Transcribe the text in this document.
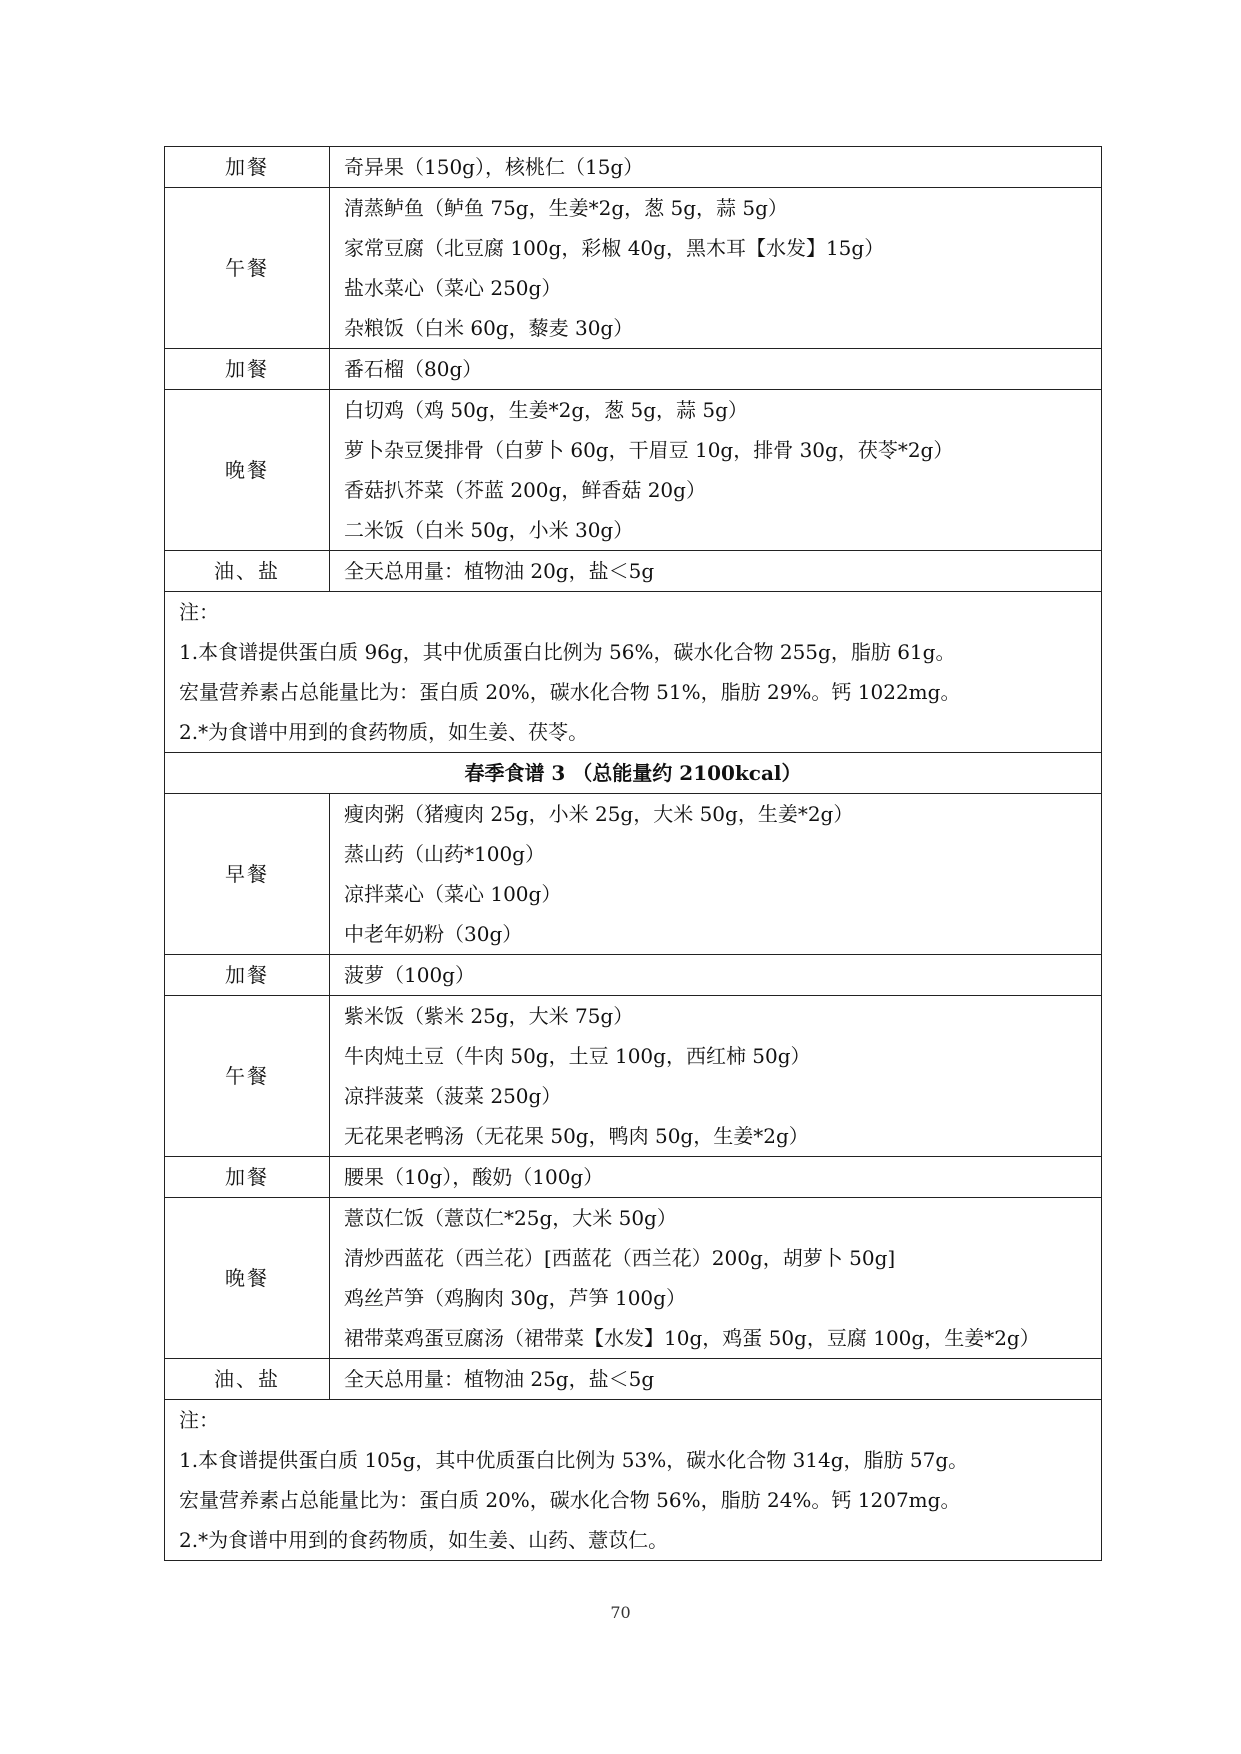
加餐	奇异果（150g），核桃仁（15g）

午餐	清蒸鲈鱼（鲈鱼 75g，生姜*2g，葱 5g，蒜 5g）
家常豆腐（北豆腐 100g，彩椒 40g，黑木耳【水发】15g）
盐水菜心（菜心 250g）
杂粮饭（白米 60g，藜麦 30g）

加餐	番石榴（80g）

晚餐	白切鸡（鸡 50g，生姜*2g，葱 5g，蒜 5g）
萝卜杂豆煲排骨（白萝卜 60g，干眉豆 10g，排骨 30g，茯苓*2g）
香菇扒芥菜（芥蓝 200g，鲜香菇 20g）
二米饭（白米 50g，小米 30g）

油、盐	全天总用量：植物油 20g，盐＜5g

注：
1.本食谱提供蛋白质 96g，其中优质蛋白比例为 56%，碳水化合物 255g，脂肪 61g。
宏量营养素占总能量比为：蛋白质 20%，碳水化合物 51%，脂肪 29%。钙 1022mg。
2.*为食谱中用到的食药物质，如生姜、茯苓。	

春季食谱 3 （总能量约 2100kcal）	
早餐	瘦肉粥（猪瘦肉 25g，小米 25g，大米 50g，生姜*2g）
蒸山药（山药*100g）
凉拌菜心（菜心 100g）
中老年奶粉（30g）

加餐	菠萝（100g）

午餐	紫米饭（紫米 25g，大米 75g）
牛肉炖土豆（牛肉 50g，土豆 100g，西红柿 50g）
凉拌菠菜（菠菜 250g）
无花果老鸭汤（无花果 50g，鸭肉 50g，生姜*2g）

加餐	腰果（10g），酸奶（100g）

晚餐	薏苡仁饭（薏苡仁*25g，大米 50g）
清炒西蓝花（西兰花）[西蓝花（西兰花）200g，胡萝卜 50g]
鸡丝芦笋（鸡胸肉 30g，芦笋 100g）
裙带菜鸡蛋豆腐汤（裙带菜【水发】10g，鸡蛋 50g，豆腐 100g，生姜*2g）

油、盐	全天总用量：植物油 25g，盐＜5g

注：
1.本食谱提供蛋白质 105g，其中优质蛋白比例为 53%，碳水化合物 314g，脂肪 57g。
宏量营养素占总能量比为：蛋白质 20%，碳水化合物 56%，脂肪 24%。钙 1207mg。
2.*为食谱中用到的食药物质，如生姜、山药、薏苡仁。	
70
